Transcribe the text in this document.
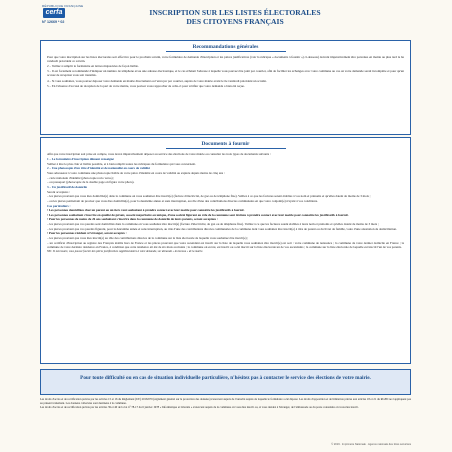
RÉPUBLIQUE FRANÇAISE
cerfa
N° 12669 * 02
INSCRIPTION SUR LES LISTES ÉLECTORALES
DES CITOYENS FRANÇAIS
Recommandations générales

Pour que votre inscription sur les listes électorales soit effective pour le prochain scrutin, votre formulaire de demande d'inscription et les pièces justificatives (voir la rubrique « documents à fournir ») ci-dessous) doivent impérativement être parvenus en mairie au plus tard le 6e vendredi précédent ce scrutin.

2 – Veillez à remplir le formulaire en lettres majuscules de façon lisible.

3 – Il est fortement recommandé d'indiquer un numéro de téléphone et/ou une adresse électronique, et le cas échéant l'adresse à laquelle vous pouvez être joint par courrier, afin de faciliter les échanges avec votre commune au cas où votre demande serait incomplète et pour qu'un accusé de réception vous soit transmis.

4 – Si vous souhaitez, vous pouvez déposer votre demande en mairie directement ou l'envoyer par courrier, auprès de votre mairie avant le 6e vendredi précédent un scrutin.

5 – En l'absence d'accusé de réception de la part de votre mairie, vous pouvez vous rapprocher de celle-ci pour vérifier que votre demande a bien été reçue.

Documents à fournir

Afin que votre inscription soit prise en compte, vous devez impérativement déposer au service des élections de votre mairie ou consulter les trois types de documents suivants :

1 – Le formulaire d'inscription dûment renseigné

Veillez à être le plus clair et lisible possible, et à bien remplir toutes les rubriques du formulaire qui vous concernent.

2 – Une photocopie d'un titre d'identité et de nationalité en cours de validité

Vous adresserez à votre commune une photocopie lisible de votre pièce d'identité en cours de validité ou expirée depuis moins de cinq ans :

– carte nationale d'identité (photocopie recto verso) ;

– ou passeport (photocopie de la double page où figure votre photo).

3 – Un justificatif de domicile

Seront acceptées :

– les pièces prouvant que vous êtes domicilié(e) dans la commune où vous souhaitez être inscrit(e) (facture d'électricité, de gaz ou de téléphone fixe). Veillez à ce que les factures soient établies à vos nom et prénoms et qu'elles datent de moins de 3 mois ;

– ou les pièces permettant de prouver que vous êtes domicilié(e), pour la deuxième année et sans interruption, au rôle d'une des contributions directes communales en que votre conjoint(e) n'ayant à vos conditions.

Cas particuliers :

• Les personnes domiciliées chez un parent ou un tiers veut souhaitant à prendre contact avec leur mairie pour connaître les justificatifs à fournir.

• Les personnes souhaitant s'inscrire en qualité de gérant, associé majoritaire ou unique, d'une société figurant au rôle de la commune sont invitées à prendre contact avec leur mairie pour connaître les justificatifs à fournir.

• Pour les personnes de moins de 26 ans souhaitant s'inscrire dans la commune de domicile de leurs parents, seront acceptées :

– les pièces prouvant que vos parents sont domiciliés dans la commune où vous souhaitez être inscrit(e) (facture d'électricité, de gaz ou de téléphone fixe). Veillez à ce que les factures soient établies à leurs nom et prénoms et qu'elles datent de moins de 3 mois ;

– les pièces prouvant que vos parents figurent, pour la deuxième année et sans interruption, au rôle d'une des contributions directes communales de la commune dont vous souhaitez être inscrit(e) à titre de parent ou du livret de famille, voire d'une attestation de domiciliation.

• Pour les personnes résidant à l'étranger, seront acceptés :

– les pièces prouvant que vous êtes inscrit(e) au rôle des contributions directes de la commune sur la liste électorale de laquelle vous souhaitez être inscrit(e) ;

– un certificat d'inscription au registre des Français établis hors de France et les pièces prouvant que votre ascendant est inscrit sur la liste de laquelle vous souhaitez être inscrit(e) est soit : votre commune de naissance ; la commune de votre dernier domicile en France ; la commune de votre dernière résidence en France, à condition que cette résidence ait été de six mois au moins ; la commune où est né, est inscrit ou a été inscrit sur la liste électorale un de vos ascendants ; la commune sur la liste électorale de laquelle est inscrit l'un de vos parents.

NB : Si nécessaire, vous pouvez fournir des pièces justificatives supplémentaires à votre demande, sur demande « du bureau » de la mairie.

Pour toute difficulté ou en cas de situation individuelle particulière, n'hésitez pas à contacter le service des élections de votre mairie.

Les droits d'accès et de rectification prévus par les articles 15 et 16 du Règlement (UE) 2016/679 (règlement général sur la protection des données) s'exercent auprès de l'autorité auprès de laquelle le formulaire a été déposé. Les droits d'opposition et de limitation prévus aux articles 18 et 21 du RGPD ne s'appliquent pas au présent traitement. Les données collectées sont destinées à la commune.
Les droits d'accès et de rectification prévus par les articles 39 et 40 de la loi n° 78-17 du 6 janvier 1978 « Informatique et Libertés » s'exercent auprès de la commune où vous êtes inscrit ou, si vous résidez à l'étranger, de l'ambassade ou du poste consulaire où vous êtes inscrit.
© 2019 · Imprimerie Nationale · Agence nationale des titres sécurisés
